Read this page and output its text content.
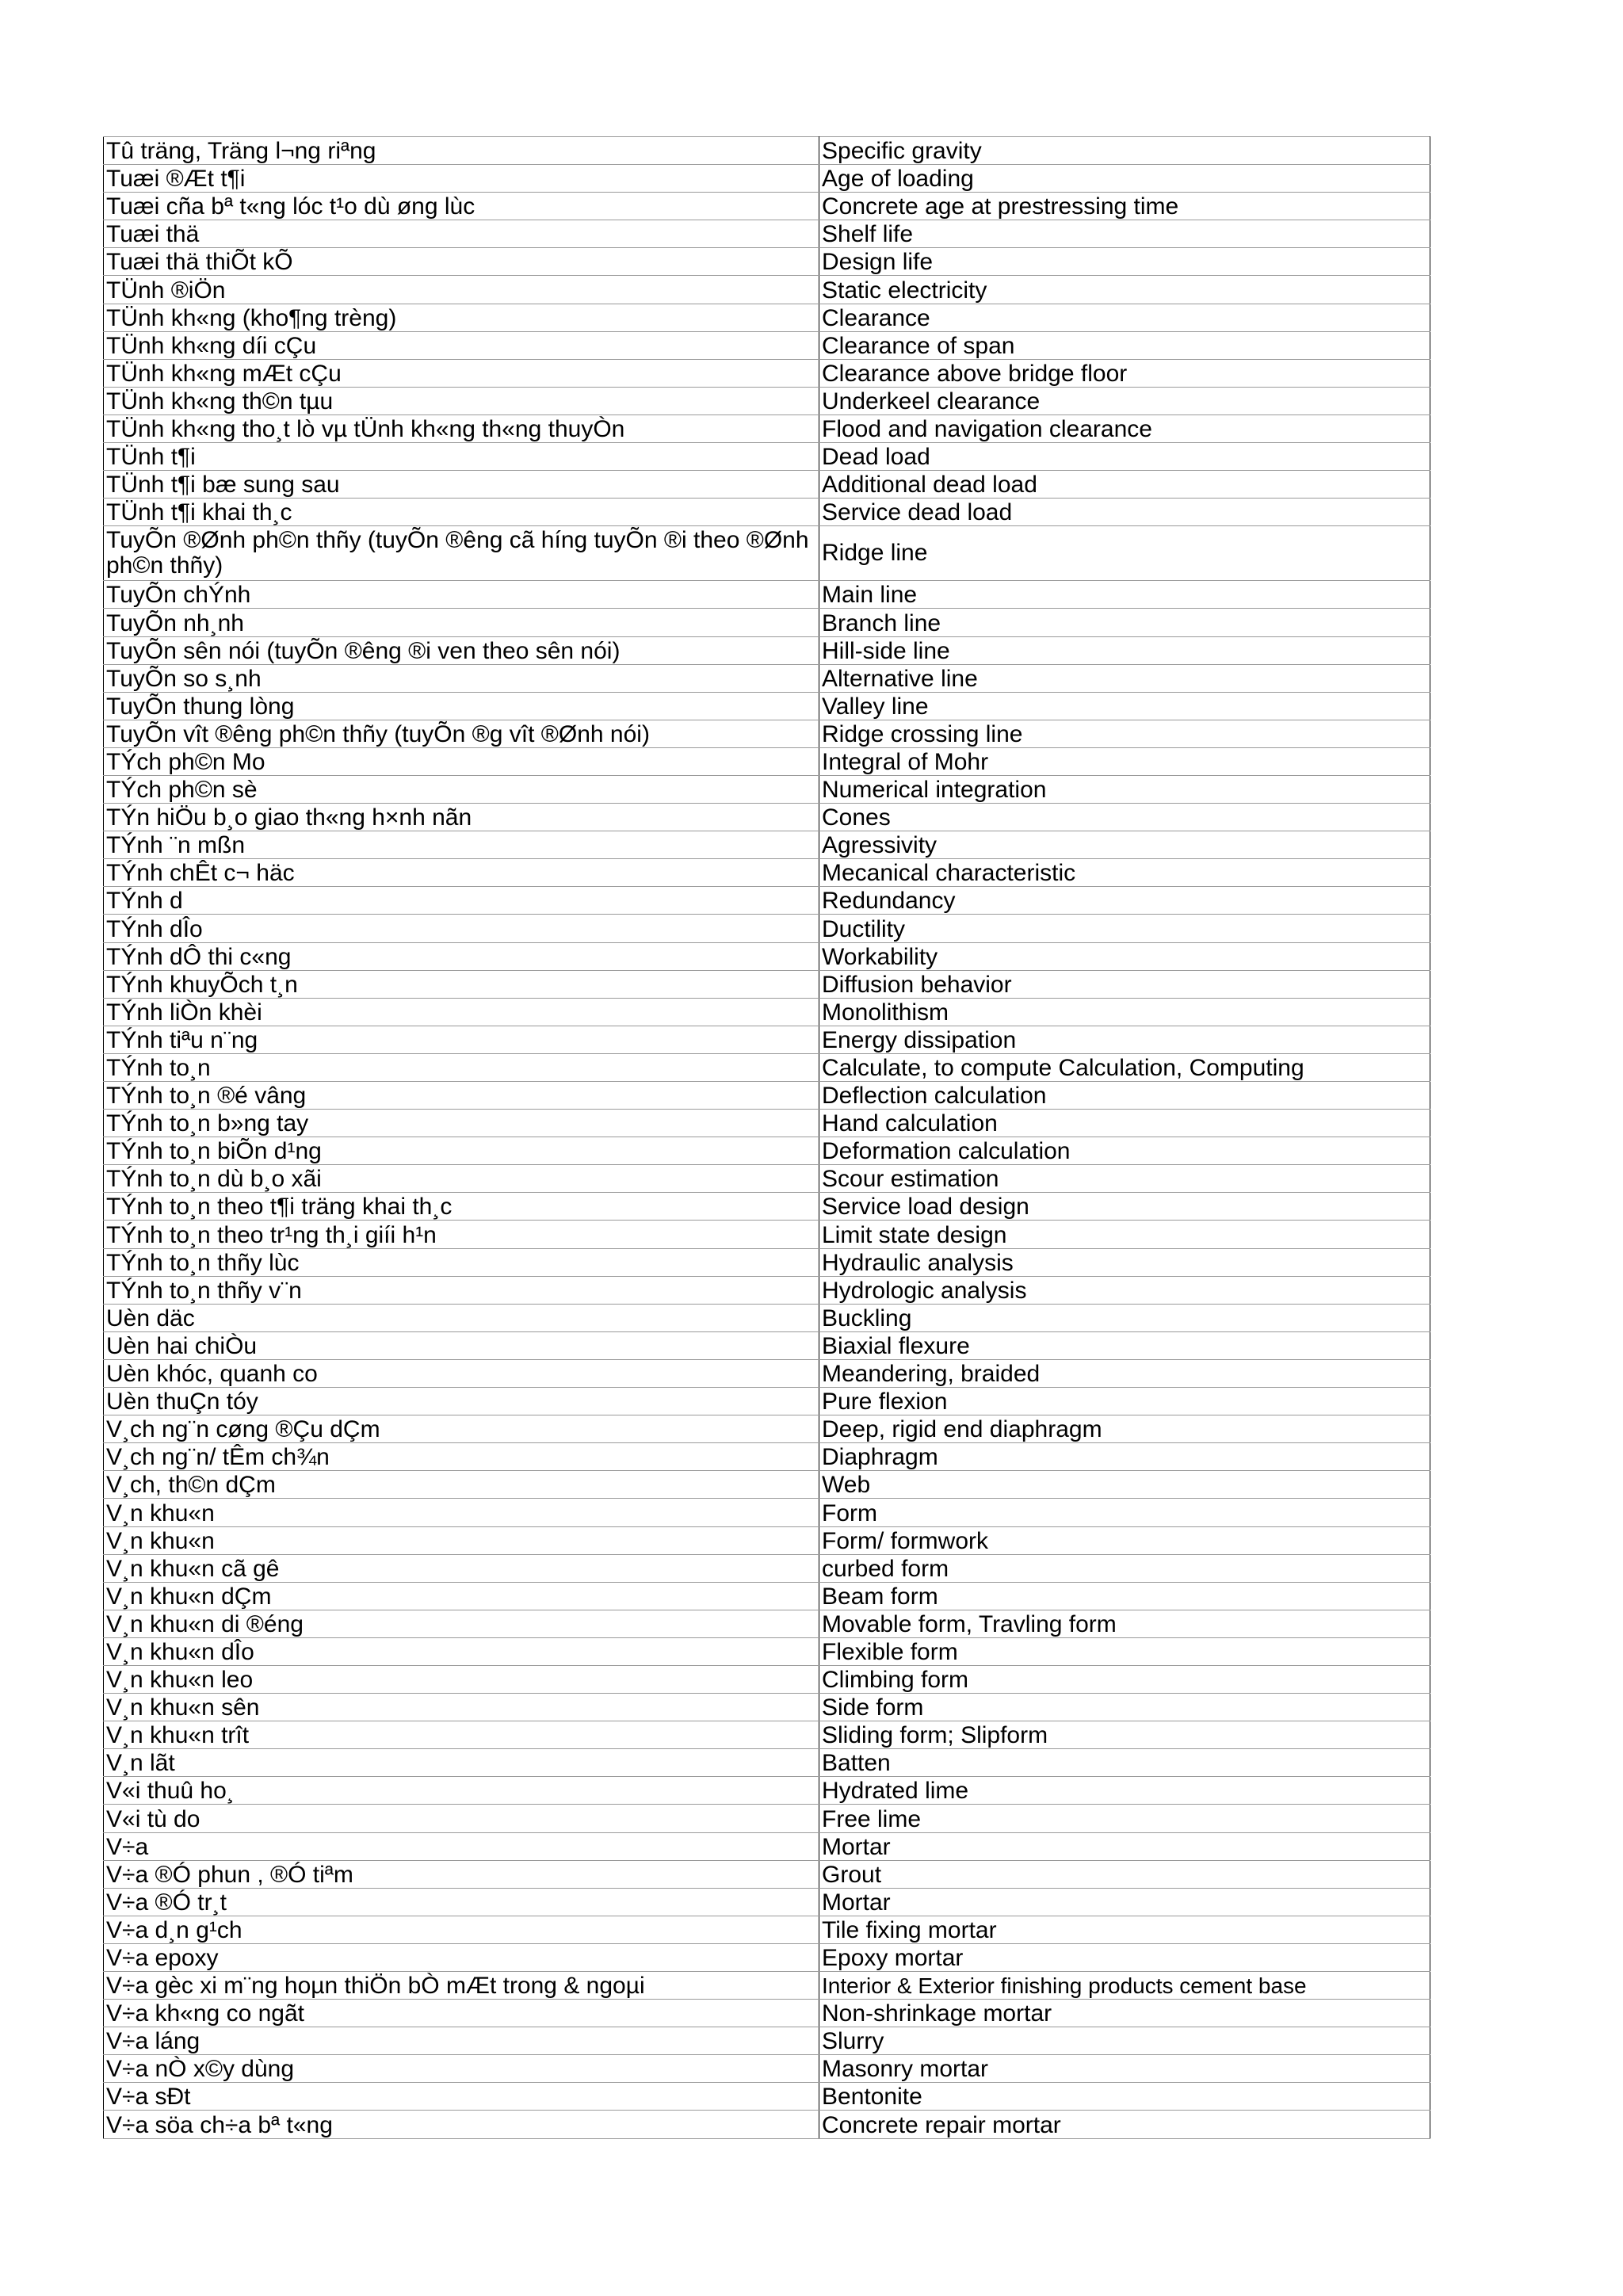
Tû träng, Träng l¬ng riªng	Specific gravity
Tuæi ®Æt t¶i	Age of loading
Tuæi cña bª t«ng lóc t¹o dù øng lùc	Concrete age at prestressing time
Tuæi thä	Shelf life
Tuæi thä thiÕt kÕ	Design life
TÜnh ®iÖn	Static electricity
TÜnh kh«ng (kho¶ng trèng)	Clearance
TÜnh kh«ng díi cÇu	Clearance of span
TÜnh kh«ng mÆt cÇu	Clearance above bridge floor
TÜnh kh«ng th©n tµu	Underkeel clearance
TÜnh kh«ng tho¸t lò vµ tÜnh kh«ng th«ng thuyÒn	Flood and navigation clearance
TÜnh t¶i	Dead load
TÜnh t¶i bæ sung sau	Additional dead load
TÜnh t¶i khai th¸c	Service dead load
TuyÕn ®Ønh ph©n thñy (tuyÕn ®êng cã híng tuyÕn ®i theo ®Ønh ph©n thñy)	Ridge line
TuyÕn chÝnh	Main line
TuyÕn nh¸nh	Branch line
TuyÕn sên nói (tuyÕn ®êng ®i ven theo sên nói)	Hill-side line
TuyÕn so s¸nh	Alternative line
TuyÕn thung lòng	Valley line
TuyÕn vît ®êng ph©n thñy (tuyÕn ®g vît ®Ønh nói)	Ridge crossing line
TÝch ph©n Mo	Integral of Mohr
TÝch ph©n sè	Numerical integration
TÝn hiÖu b¸o giao th«ng h×nh nãn	Cones
TÝnh ¨n mßn	Agressivity
TÝnh chÊt c¬ häc	Mecanical characteristic
TÝnh d	Redundancy
TÝnh dÎo	Ductility
TÝnh dÔ thi c«ng	Workability
TÝnh khuyÕch t¸n	Diffusion behavior
TÝnh liÒn khèi	Monolithism
TÝnh tiªu n¨ng	Energy dissipation
TÝnh to¸n	Calculate, to compute Calculation, Computing
TÝnh to¸n ®é vâng	Deflection calculation
TÝnh to¸n b»ng tay	Hand calculation
TÝnh to¸n biÕn d¹ng	Deformation calculation
TÝnh to¸n dù b¸o xãi	Scour estimation
TÝnh to¸n theo t¶i träng khai th¸c	Service load design
TÝnh to¸n theo tr¹ng th¸i giíi h¹n	Limit state design
TÝnh to¸n thñy lùc	Hydraulic analysis
TÝnh to¸n thñy v¨n	Hydrologic analysis
Uèn däc	Buckling
Uèn hai chiÒu	Biaxial flexure
Uèn khóc, quanh co	Meandering, braided
Uèn thuÇn tóy	Pure flexion
V¸ch ng¨n cøng ®Çu dÇm	Deep, rigid end diaphragm
V¸ch ng¨n/ tÊm ch¾n	Diaphragm
V¸ch, th©n dÇm	Web
V¸n khu«n	Form
V¸n khu«n	Form/ formwork
V¸n khu«n cã gê	curbed form
V¸n khu«n dÇm	Beam form
V¸n khu«n di ®éng	Movable form, Travling form
V¸n khu«n dÎo	Flexible form
V¸n khu«n leo	Climbing form
V¸n khu«n sên	Side form
V¸n khu«n trît	Sliding form; Slipform
V¸n lãt	Batten
V«i thuû ho¸	Hydrated lime
V«i tù do	Free lime
V÷a	Mortar
V÷a ®Ó phun , ®Ó tiªm	Grout
V÷a ®Ó tr¸t	Mortar
V÷a d¸n g¹ch	Tile fixing mortar
V÷a epoxy	Epoxy mortar
V÷a gèc xi m¨ng hoµn thiÖn bÒ mÆt trong & ngoµi	Interior & Exterior finishing products cement base
V÷a kh«ng co ngãt	Non-shrinkage mortar
V÷a láng	Slurry
V÷a nÒ x©y dùng	Masonry mortar
V÷a sÐt	Bentonite
V÷a söa ch÷a bª t«ng	Concrete repair mortar
